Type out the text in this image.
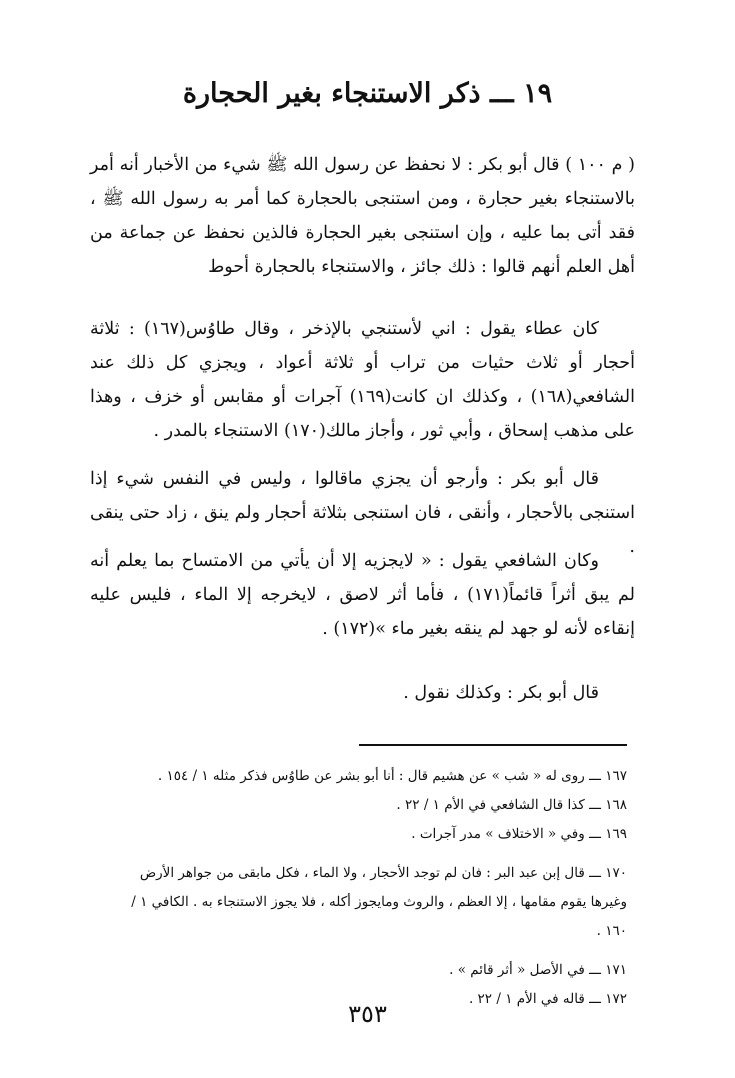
١٩ ـــ ذكر الاستنجاء بغير الحجارة

( م ١٠٠ ) قال أبو بكر : لا نحفظ عن رسول الله ﷺ شيء من الأخبار أنه أمر بالاستنجاء بغير حجارة ، ومن استنجى بالحجارة كما أمر به رسول الله ﷺ ، فقد أتى بما عليه ، وإن استنجى بغير الحجارة فالذين نحفظ عن جماعة من أهل العلم أنهم قالوا : ذلك جائز ، والاستنجاء بالحجارة أحوط

كان عطاء يقول : اني لأستنجي بالإذخر ، وقال طاوُس(١٦٧) : ثلاثة أحجار أو ثلاث حثيات من تراب أو ثلاثة أعواد ، ويجزي كل ذلك عند الشافعي(١٦٨) ، وكذلك ان كانت(١٦٩) آجرات أو مقابس أو خزف ، وهذا على مذهب إسحاق ، وأبي ثور ، وأجاز مالك(١٧٠) الاستنجاء بالمدر .

قال أبو بكر : وأرجو أن يجزي ماقالوا ، وليس في النفس شيء إذا استنجى بالأحجار ، وأنقى ، فان استنجى بثلاثة أحجار ولم ينق ، زاد حتى ينقى .

وكان الشافعي يقول : « لايجزيه إلا أن يأتي من الامتساح بما يعلم أنه لم يبق أثراً قائماً(١٧١) ، فأما أثر لاصق ، لايخرجه إلا الماء ، فليس عليه إنقاءه لأنه لو جهد لم ينقه بغير ماء »(١٧٢) .

قال أبو بكر : وكذلك نقول .

١٦٧ ـــ روى له « شب » عن هشيم قال : أنا أبو بشر عن طاوُس فذكر مثله ١ / ١٥٤ .

١٦٨ ـــ كذا قال الشافعي في الأم ١ / ٢٢ .

١٦٩ ـــ وفي « الاختلاف » مدر آجرات .

١٧٠ ـــ قال إبن عبد البر : فان لم توجد الأحجار ، ولا الماء ، فكل مابقى من جواهر الأرض وغيرها يقوم مقامها ، إلا العظم ، والروث ومايجوز أكله ، فلا يجوز الاستنجاء به . الكافي ١ / ١٦٠ .

١٧١ ـــ في الأصل « أثر قائم » .

١٧٢ ـــ قاله في الأم ١ / ٢٢ .

٣٥٣
